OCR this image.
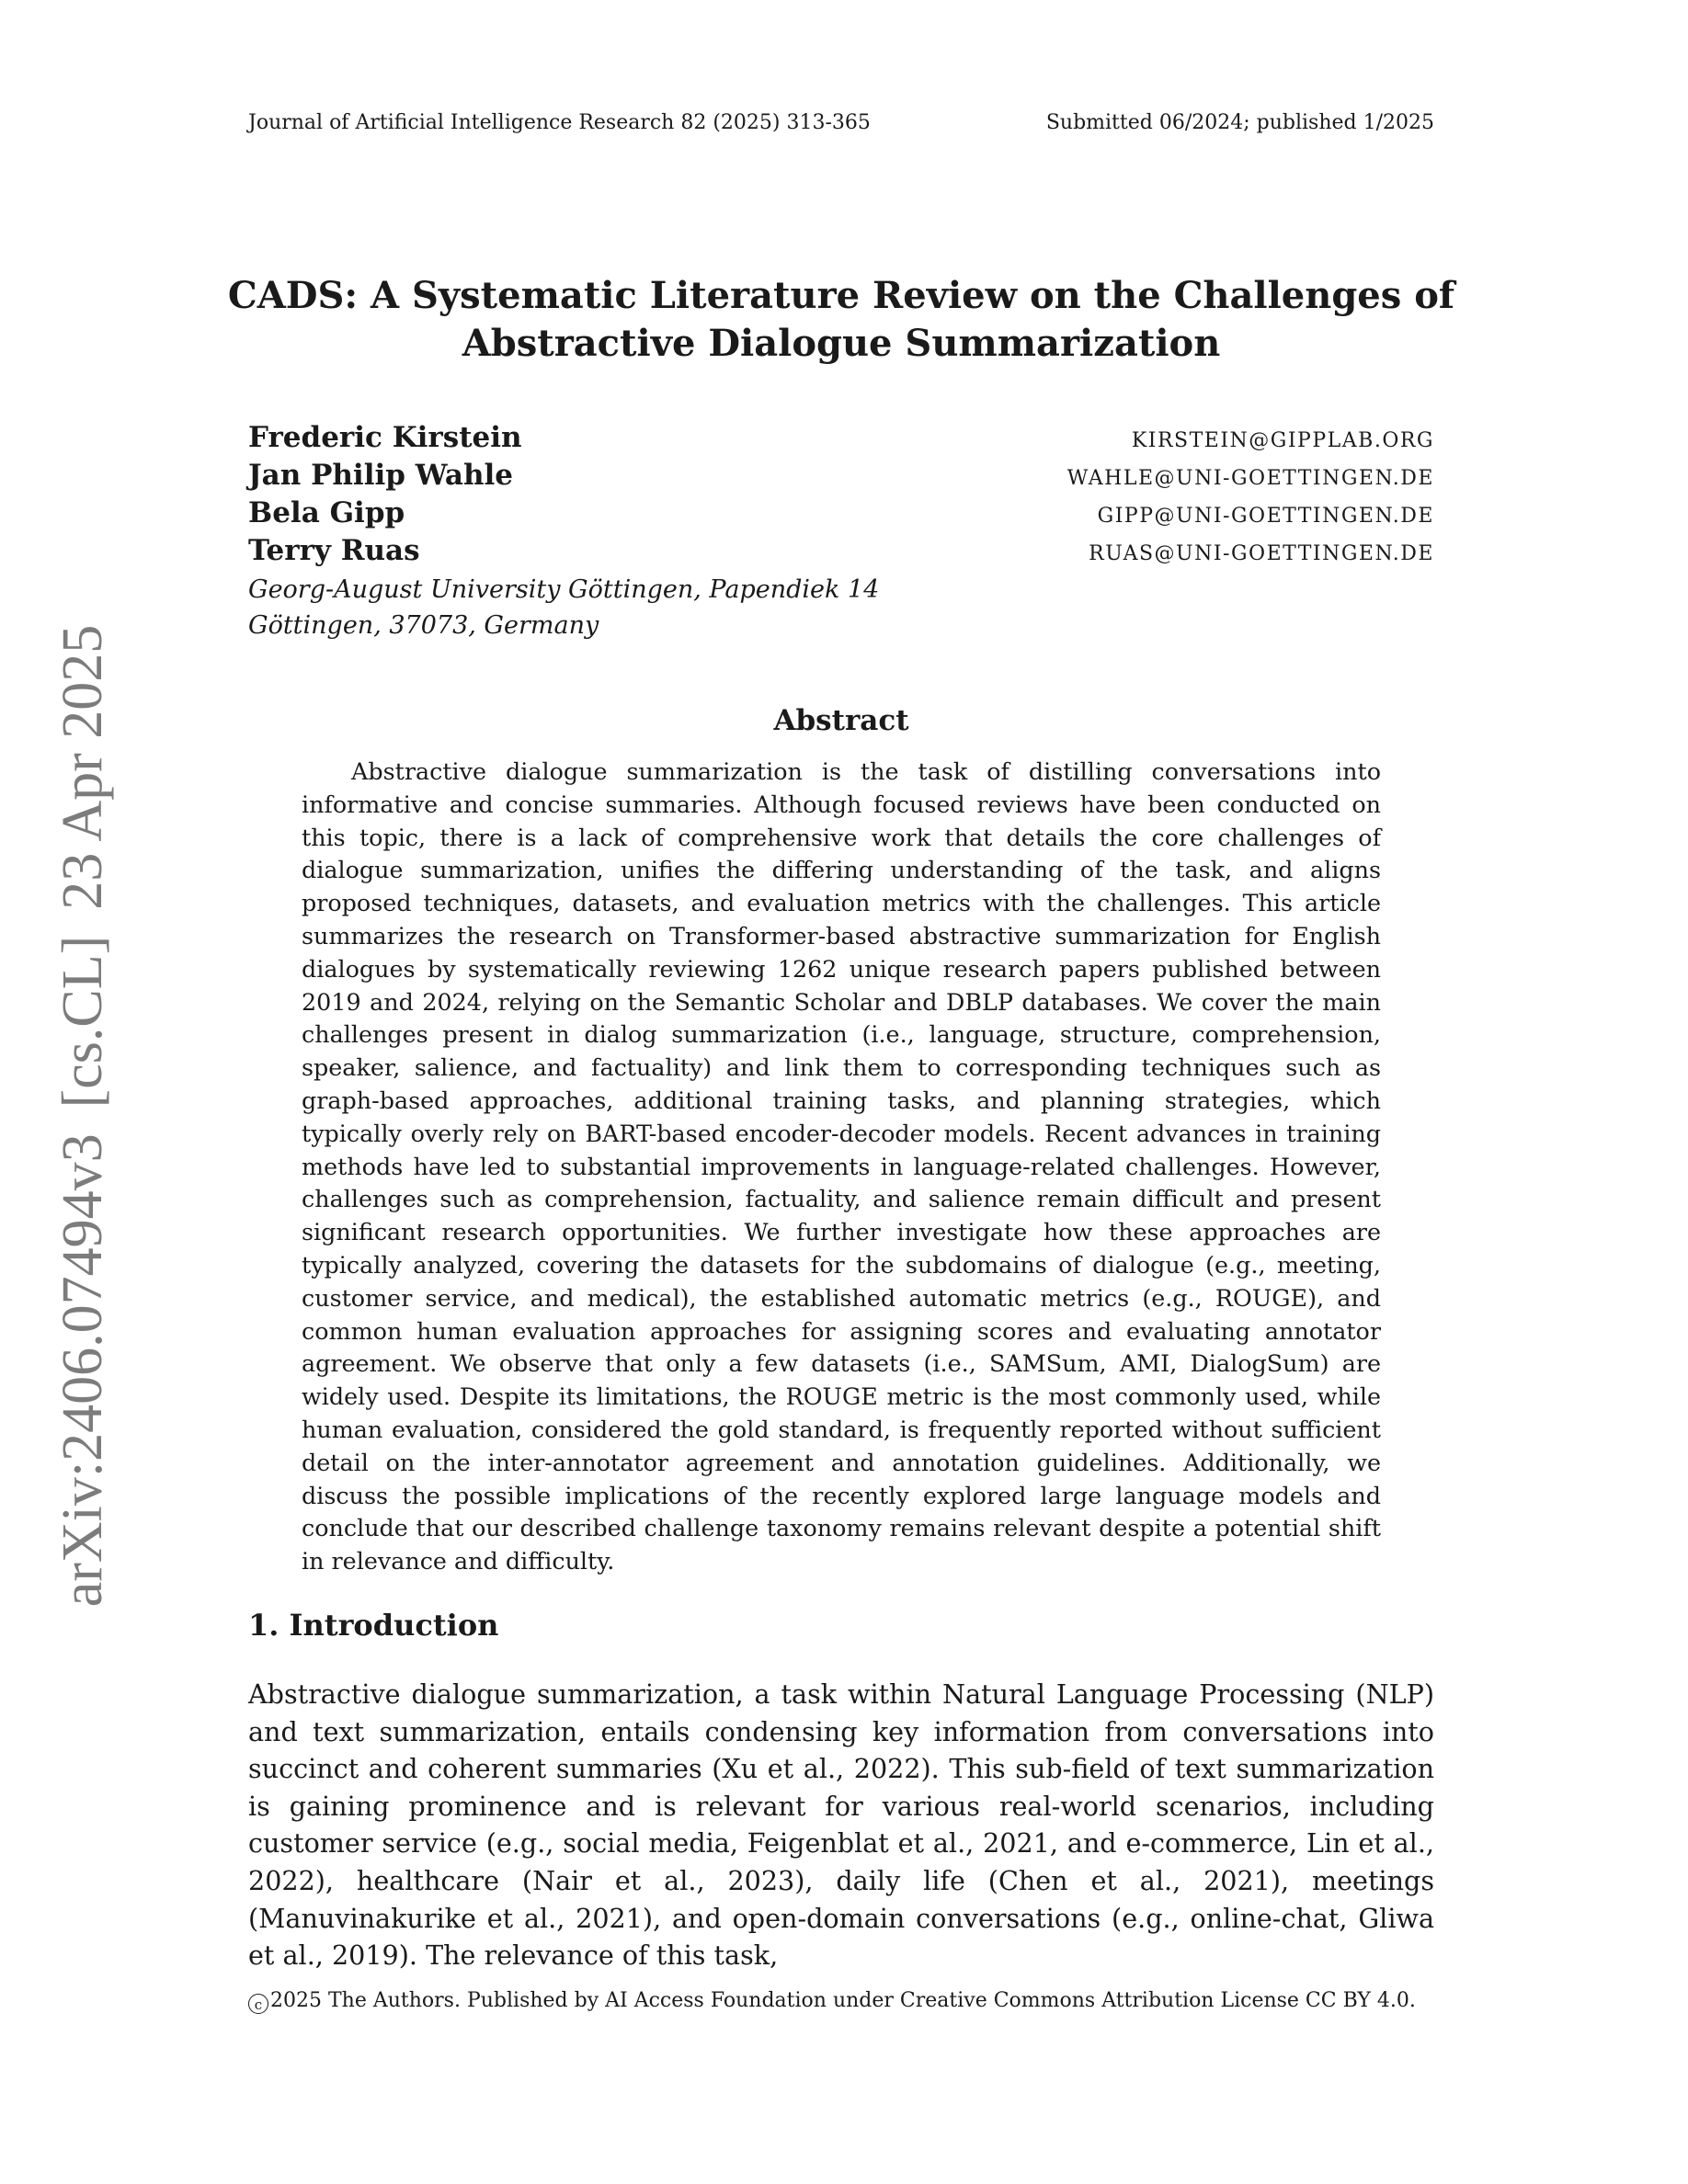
Journal of Artificial Intelligence Research 82 (2025) 313-365	Submitted 06/2024; published 1/2025
CADS: A Systematic Literature Review on the Challenges of
Abstractive Dialogue Summarization
Frederic Kirstein	KIRSTEIN@GIPPLAB.ORG
Jan Philip Wahle	WAHLE@UNI-GOETTINGEN.DE
Bela Gipp	GIPP@UNI-GOETTINGEN.DE
Terry Ruas	RUAS@UNI-GOETTINGEN.DE

Georg-August University Göttingen, Papendiek 14

Göttingen, 37073, Germany

Abstract

Abstractive dialogue summarization is the task of distilling conversations into informative and concise summaries. Although focused reviews have been conducted on this topic, there is a lack of comprehensive work that details the core challenges of dialogue summarization, unifies the differing understanding of the task, and aligns proposed techniques, datasets, and evaluation metrics with the challenges. This article summarizes the research on Transformer-based abstractive summarization for English dialogues by systematically reviewing 1262 unique research papers published between 2019 and 2024, relying on the Semantic Scholar and DBLP databases. We cover the main challenges present in dialog summarization (i.e., language, structure, comprehension, speaker, salience, and factuality) and link them to corresponding techniques such as graph-based approaches, additional training tasks, and planning strategies, which typically overly rely on BART-based encoder-decoder models. Recent advances in training methods have led to substantial improvements in language-related challenges. However, challenges such as comprehension, factuality, and salience remain difficult and present significant research opportunities. We further investigate how these approaches are typically analyzed, covering the datasets for the subdomains of dialogue (e.g., meeting, customer service, and medical), the established automatic metrics (e.g., ROUGE), and common human evaluation approaches for assigning scores and evaluating annotator agreement. We observe that only a few datasets (i.e., SAMSum, AMI, DialogSum) are widely used. Despite its limitations, the ROUGE metric is the most commonly used, while human evaluation, considered the gold standard, is frequently reported without sufficient detail on the inter-annotator agreement and annotation guidelines. Additionally, we discuss the possible implications of the recently explored large language models and conclude that our described challenge taxonomy remains relevant despite a potential shift in relevance and difficulty.

1. Introduction

Abstractive dialogue summarization, a task within Natural Language Processing (NLP) and text summarization, entails condensing key information from conversations into succinct and coherent summaries (Xu et al., 2022). This sub-field of text summarization is gaining prominence and is relevant for various real-world scenarios, including customer service (e.g., social media, Feigenblat et al., 2021, and e-commerce, Lin et al., 2022), healthcare (Nair et al., 2023), daily life (Chen et al., 2021), meetings (Manuvinakurike et al., 2021), and open-domain conversations (e.g., online-chat, Gliwa et al., 2019). The relevance of this task,

c 2025 The Authors. Published by AI Access Foundation under Creative Commons Attribution License CC BY 4.0.
arXiv:2406.07494v3[cs.CL]23 Apr 2025
